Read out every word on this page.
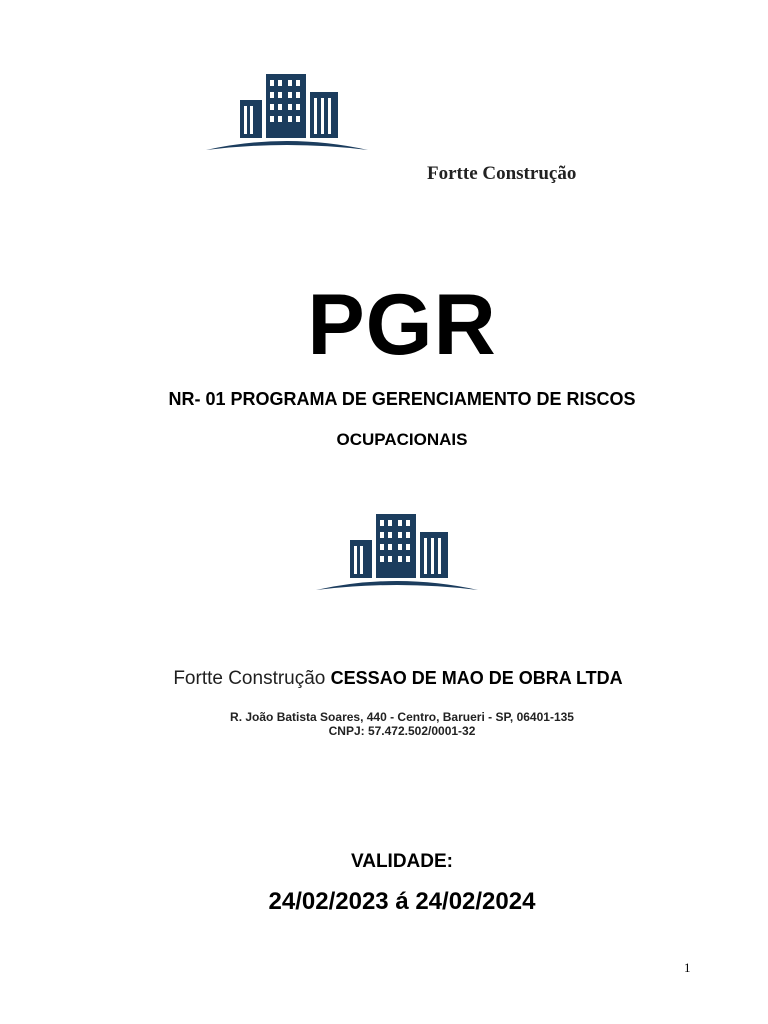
Fortte Construção
PGR
NR- 01 PROGRAMA DE GERENCIAMENTO DE RISCOS
OCUPACIONAIS
Fortte Construção CESSAO DE MAO DE OBRA LTDA
R. João Batista Soares, 440 - Centro, Barueri - SP, 06401-135
CNPJ: 57.472.502/0001-32
VALIDADE:
24/02/2023 á 24/02/2024
1
